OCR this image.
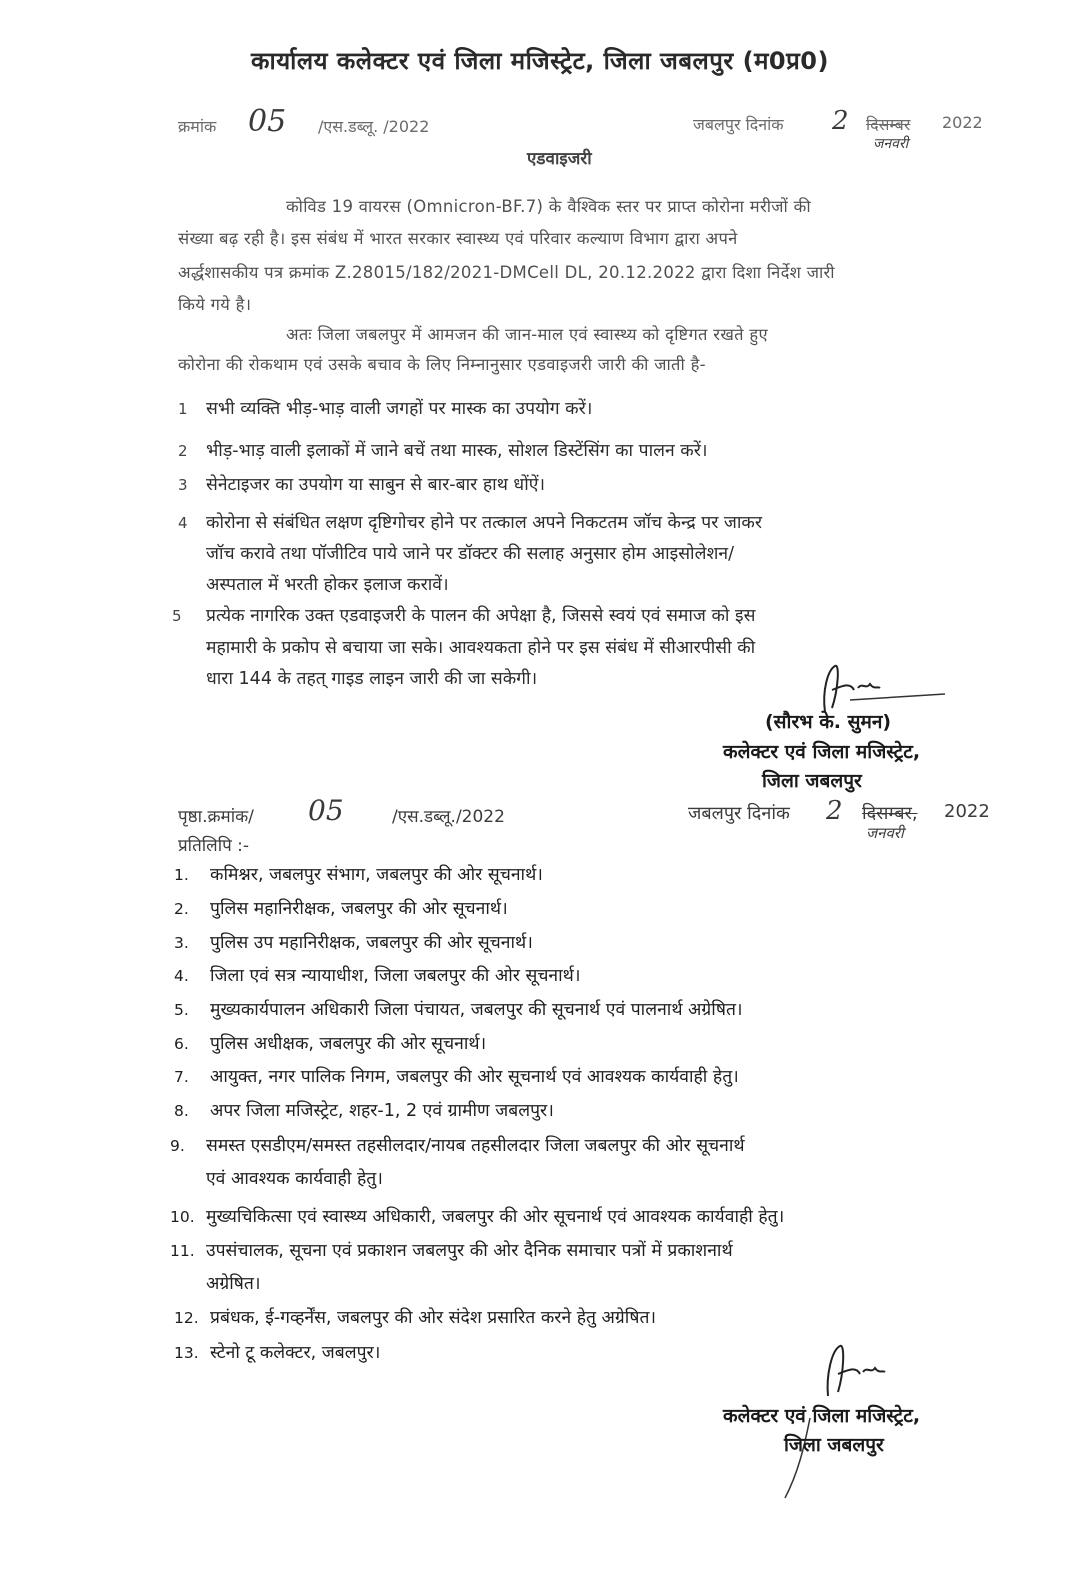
कार्यालय कलेक्टर एवं जिला मजिस्ट्रेट, जिला जबलपुर (म0प्र0)
क्रमांक 05 /एस.डब्लू. /2022	जबलपुर दिनांक 2 दिसम्बर 2022
जनवरी
एडवाइजरी
कोविड 19 वायरस (Omnicron-BF.7) के वैश्विक स्तर पर प्राप्त कोरोना मरीजों की
संख्या बढ़ रही है। इस संबंध में भारत सरकार स्वास्थ्य एवं परिवार कल्याण विभाग द्वारा अपने
अर्द्धशासकीय पत्र क्रमांक Z.28015/182/2021-DMCell DL, 20.12.2022 द्वारा दिशा निर्देश जारी
किये गये है।
अतः जिला जबलपुर में आमजन की जान-माल एवं स्वास्थ्य को दृष्टिगत रखते हुए
कोरोना की रोकथाम एवं उसके बचाव के लिए निम्नानुसार एडवाइजरी जारी की जाती है-
1 सभी व्यक्ति भीड़-भाड़ वाली जगहों पर मास्क का उपयोग करें।
2 भीड़-भाड़ वाली इलाकों में जाने बचें तथा मास्क, सोशल डिस्टेंसिंग का पालन करें।
3 सेनेटाइजर का उपयोग या साबुन से बार-बार हाथ धोंऐं।
4 कोरोना से संबंधित लक्षण दृष्टिगोचर होने पर तत्काल अपने निकटतम जॉच केन्द्र पर जाकर
जॉच करावे तथा पॉजीटिव पाये जाने पर डॉक्टर की सलाह अनुसार होम आइसोलेशन/
अस्पताल में भरती होकर इलाज करावें।
5 प्रत्येक नागरिक उक्त एडवाइजरी के पालन की अपेक्षा है, जिससे स्वयं एवं समाज को इस
महामारी के प्रकोप से बचाया जा सके। आवश्यकता होने पर इस संबंध में सीआरपीसी की
धारा 144 के तहत् गाइड लाइन जारी की जा सकेगी।
(सौरभ के. सुमन)
कलेक्टर एवं जिला मजिस्ट्रेट,
जिला जबलपुर
पृष्ठा.क्रमांक/ 05	/एस.डब्लू./2022	जबलपुर दिनांक 2 दिसम्बर, 2022
जनवरी
प्रतिलिपि :-
1. कमिश्नर, जबलपुर संभाग, जबलपुर की ओर सूचनार्थ।
2. पुलिस महानिरीक्षक, जबलपुर की ओर सूचनार्थ।
3. पुलिस उप महानिरीक्षक, जबलपुर की ओर सूचनार्थ।
4. जिला एवं सत्र न्यायाधीश, जिला जबलपुर की ओर सूचनार्थ।
5. मुख्यकार्यपालन अधिकारी जिला पंचायत, जबलपुर की सूचनार्थ एवं पालनार्थ अग्रेषित।
6. पुलिस अधीक्षक, जबलपुर की ओर सूचनार्थ।
7. आयुक्त, नगर पालिक निगम, जबलपुर की ओर सूचनार्थ एवं आवश्यक कार्यवाही हेतु।
8. अपर जिला मजिस्ट्रेट, शहर-1, 2 एवं ग्रामीण जबलपुर।
9. समस्त एसडीएम/समस्त तहसीलदार/नायब तहसीलदार जिला जबलपुर की ओर सूचनार्थ
एवं आवश्यक कार्यवाही हेतु।
10. मुख्यचिकित्सा एवं स्वास्थ्य अधिकारी, जबलपुर की ओर सूचनार्थ एवं आवश्यक कार्यवाही हेतु।
11. उपसंचालक, सूचना एवं प्रकाशन जबलपुर की ओर दैनिक समाचार पत्रों में प्रकाशनार्थ
अग्रेषित।
12. प्रबंधक, ई-गव्हर्नेंस, जबलपुर की ओर संदेश प्रसारित करने हेतु अग्रेषित।
13. स्टेनो टू कलेक्टर, जबलपुर।
कलेक्टर एवं जिला मजिस्ट्रेट,
जिला जबलपुर
